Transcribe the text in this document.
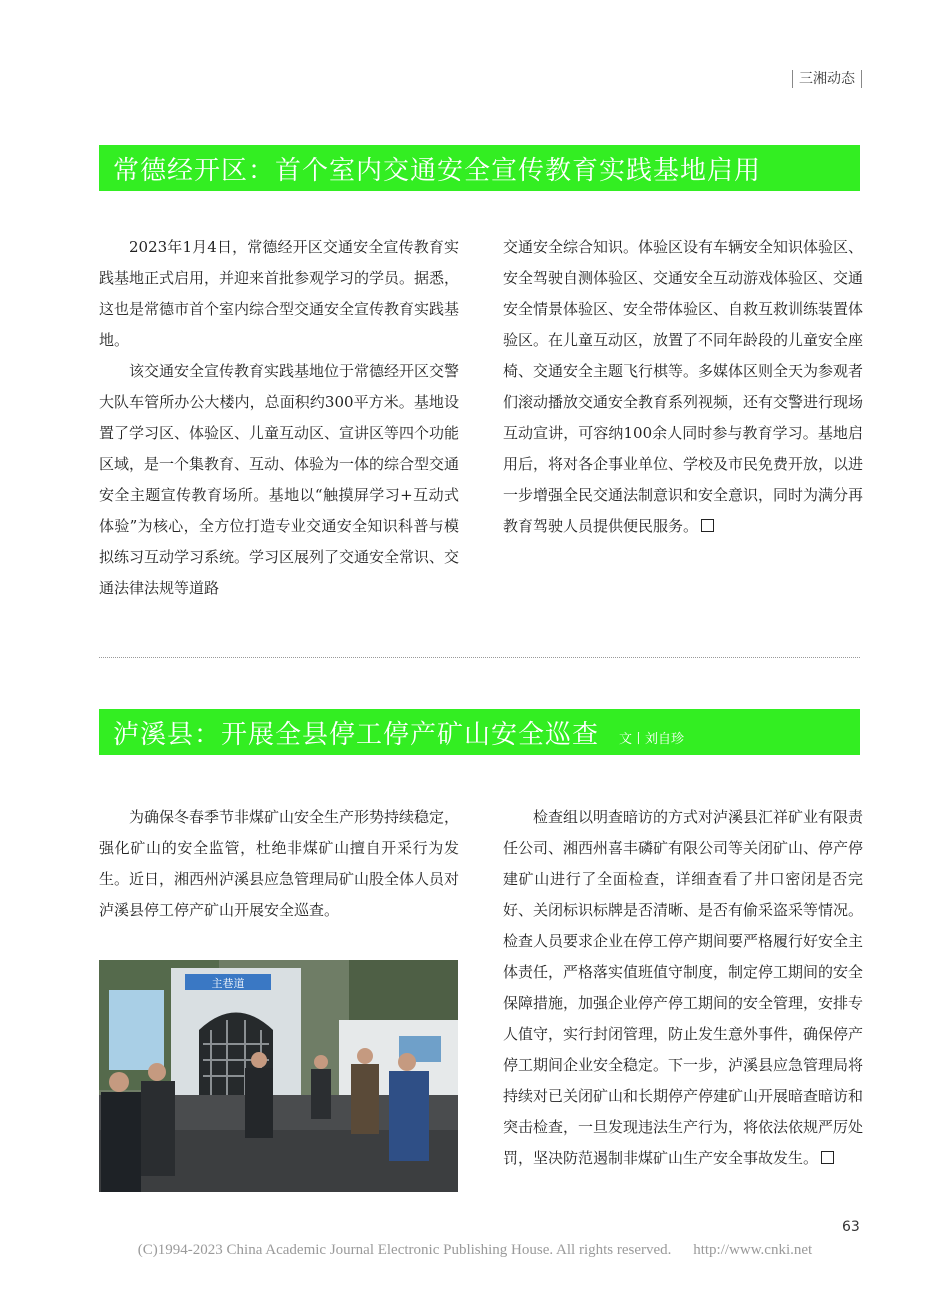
三湘动态
常德经开区：首个室内交通安全宣传教育实践基地启用

2023年1月4日，常德经开区交通安全宣传教育实践基地正式启用，并迎来首批参观学习的学员。据悉，这也是常德市首个室内综合型交通安全宣传教育实践基地。

该交通安全宣传教育实践基地位于常德经开区交警大队车管所办公大楼内，总面积约300平方米。基地设置了学习区、体验区、儿童互动区、宣讲区等四个功能区域，是一个集教育、互动、体验为一体的综合型交通安全主题宣传教育场所。基地以“触摸屏学习+互动式体验”为核心，全方位打造专业交通安全知识科普与模拟练习互动学习系统。学习区展列了交通安全常识、交通法律法规等道路

交通安全综合知识。体验区设有车辆安全知识体验区、安全驾驶自测体验区、交通安全互动游戏体验区、交通安全情景体验区、安全带体验区、自救互救训练装置体验区。在儿童互动区，放置了不同年龄段的儿童安全座椅、交通安全主题飞行棋等。多媒体区则全天为参观者们滚动播放交通安全教育系列视频，还有交警进行现场互动宣讲，可容纳100余人同时参与教育学习。基地启用后，将对各企事业单位、学校及市民免费开放，以进一步增强全民交通法制意识和安全意识，同时为满分再教育驾驶人员提供便民服务。

泸溪县：开展全县停工停产矿山安全巡查 文丨刘自珍

为确保冬春季节非煤矿山安全生产形势持续稳定，强化矿山的安全监管，杜绝非煤矿山擅自开采行为发生。近日，湘西州泸溪县应急管理局矿山股全体人员对泸溪县停工停产矿山开展安全巡查。

主巷道

检查组以明查暗访的方式对泸溪县汇祥矿业有限责任公司、湘西州喜丰磷矿有限公司等关闭矿山、停产停建矿山进行了全面检查，详细查看了井口密闭是否完好、关闭标识标牌是否清晰、是否有偷采盗采等情况。检查人员要求企业在停工停产期间要严格履行好安全主体责任，严格落实值班值守制度，制定停工期间的安全保障措施，加强企业停产停工期间的安全管理，安排专人值守，实行封闭管理，防止发生意外事件，确保停产停工期间企业安全稳定。下一步，泸溪县应急管理局将持续对已关闭矿山和长期停产停建矿山开展暗查暗访和突击检查，一旦发现违法生产行为，将依法依规严厉处罚，坚决防范遏制非煤矿山生产安全事故发生。

63
(C)1994-2023 China Academic Journal Electronic Publishing House. All rights reserved. http://www.cnki.net
